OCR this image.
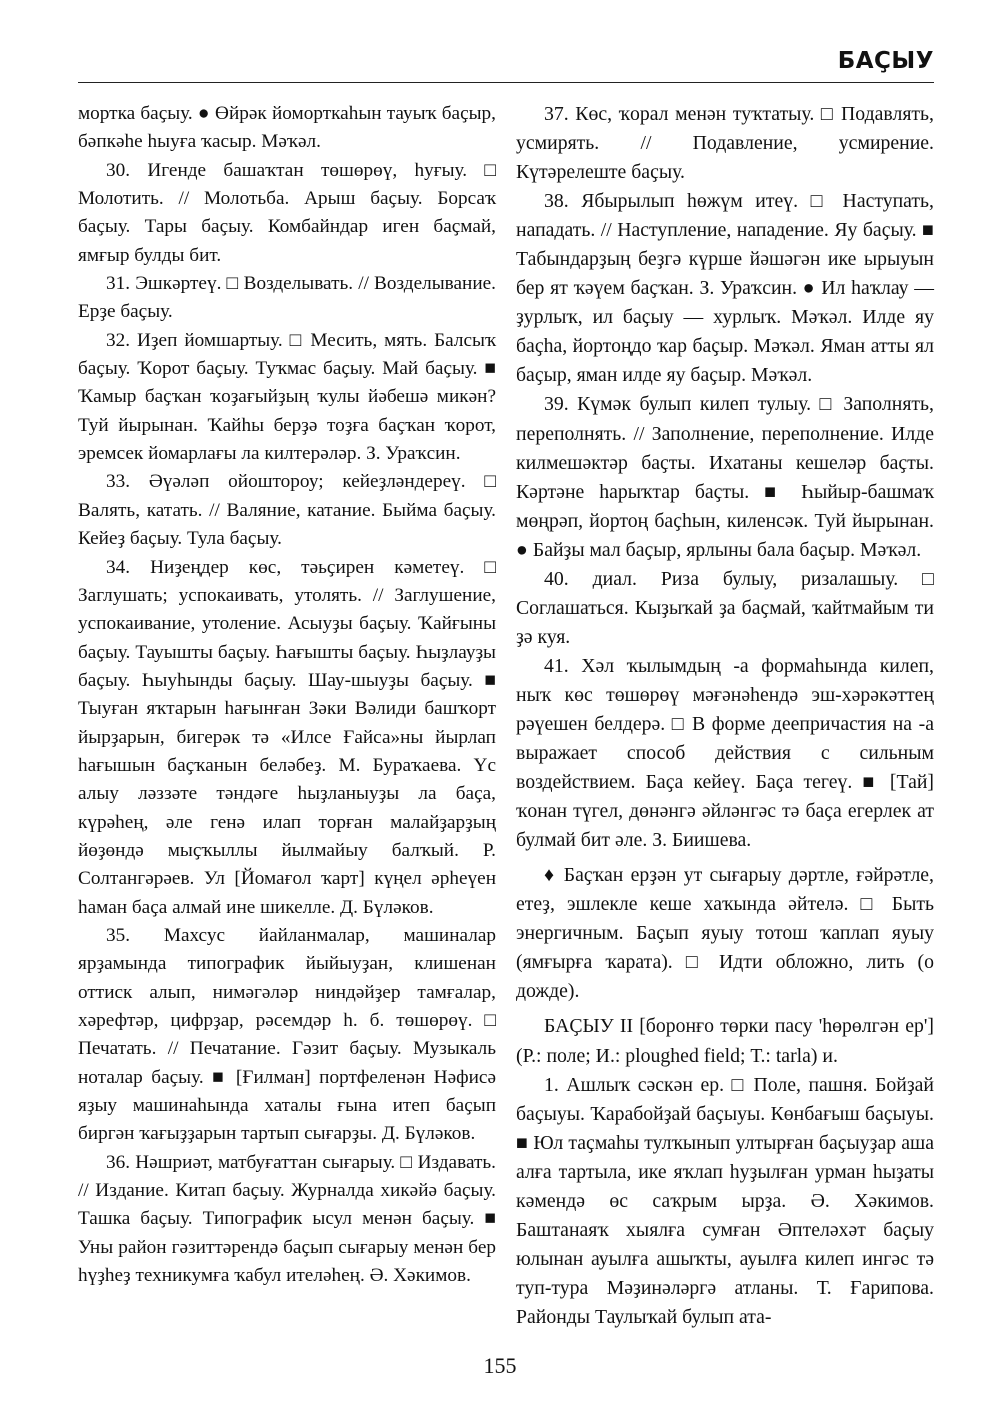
БАҪЫУ

мортка баҫыу. ● Өйрәк йоморткаһын тауыҡ баҫыр, бәпкәһе һыуға ҡасыр. Мәҡәл.

30. Игенде башаҡтан төшөрөү, һуғыу. □ Молотить. // Молотьба. Арыш баҫыу. Борсаҡ баҫыу. Тары баҫыу. Комбайндар иген баҫмай, ямғыр булды бит.

31. Эшкәртеү. □ Возделывать. // Возделывание. Ерҙе баҫыу.

32. Иҙеп йомшартыу. □ Месить, мять. Балсыҡ баҫыу. Ҡорот баҫыу. Туҡмас баҫыу. Май баҫыу. ■ Ҡамыр баҫҡан ҡоҙағыйҙың ҡулы йәбешә микән? Туй йырынан. Ҡайһы берҙә тоҙға баҫҡан ҡорот, эремсек йомарлағы ла килтерәләр. З. Ураҡсин.

33. Әүәләп ойоштороу; кейеҙләндереү. □ Валять, катать. // Валяние, катание. Быйма баҫыу. Кейеҙ баҫыу. Тула баҫыу.

34. Ниҙеңдер көс, тәьҫирен кәметеү. □ Заглушать; успокаивать, утолять. // Заглушение, успокаивание, утоление. Асыуҙы баҫыу. Ҡайғыны баҫыу. Тауышты баҫыу. Һағышты баҫыу. Һыҙлауҙы баҫыу. Һыуһынды баҫыу. Шау-шыуҙы баҫыу. ■ Тыуған яҡтарын һағынған Зәки Вәлиди башҡорт йырҙарын, бигерәк тә «Илсе Ғайса»ны йырлап һағышын баҫҡанын беләбеҙ. М. Бураҡаева. Үс алыу ләззәте тәндәге һыҙланыуҙы ла баҫа, күрәһең, әле генә илап торған малайҙарҙың йөҙөндә мыҫҡыллы йылмайыу балҡый. Р. Солтангәрәев. Ул [Йомағол ҡарт] күңел әрһеүен һаман баҫа алмай ине шикелле. Д. Бүләков.

35. Махсус йайланмалар, машиналар ярҙамында типографик йыйыуҙан, клишенан оттиск алып, нимәгәләр ниндәйҙер тамғалар, хәрефтәр, цифрҙар, рәсемдәр һ. б. төшөрөү. □ Печатать. // Печатание. Гәзит баҫыу. Музыкаль ноталар баҫыу. ■ [Ғилман] портфеленән Нәфисә яҙыу машинаһында хаталы ғына итеп баҫып биргән ҡағыҙҙарын тартып сығарҙы. Д. Бүләков.

36. Нәшриәт, матбуғаттан сығарыу. □ Издавать. // Издание. Китап баҫыу. Журналда хикәйә баҫыу. Ташка баҫыу. Типографик ысул менән баҫыу. ■ Уны район гәзиттәрендә баҫып сығарыу менән бер һүҙһеҙ техникумға ҡабул ителәһең. Ә. Хәкимов.

37. Көс, ҡорал менән туҡтатыу. □ Подавлять, усмирять. // Подавление, усмирение. Күтәрелеште баҫыу.

38. Ябырылып һөжүм итеү. □ Наступать, нападать. // Наступление, нападение. Яу баҫыу. ■ Табындарҙың беҙгә күрше йәшәгән ике ырыуын бер ят ҡәүем баҫҡан. З. Ураҡсин. ● Ил һаҡлау — ҙурлыҡ, ил баҫыу — хурлыҡ. Мәҡәл. Илде яу баҫһа, йортоңдо ҡар баҫыр. Мәҡәл. Яман атты ял баҫыр, яман илде яу баҫыр. Мәҡәл.

39. Күмәк булып килеп тулыу. □ Заполнять, переполнять. // Заполнение, переполнение. Илде килмешәктәр баҫты. Ихатаны кешеләр баҫты. Кәртәне һарыҡтар баҫты. ■ Һыйыр-башмаҡ мөңрәп, йортоң баҫһын, киленсәк. Туй йырынан. ● Байҙы мал баҫыр, ярлыны бала баҫыр. Мәҡәл.

40. диал. Риза булыу, ризалашыу. □ Соглашаться. Кыҙыҡай ҙа баҫмай, ҡайтмайым ти ҙә куя.

41. Хәл ҡылымдың -а формаһында килеп, ныҡ көс төшөрөү мәғәнәһендә эш-хәрәкәттең рәүешен белдерә. □ В форме деепричастия на -а выражает способ действия с сильным воздействием. Баҫа кейеү. Баҫа тегеү. ■ [Тай] ҡонан түгел, дөнәнгә әйләнгәс тә баҫа егерлек ат булмай бит әле. З. Биишева.

♦ Баҫҡан ерҙән ут сығарыу дәртле, ғәйрәтле, етеҙ, эшлекле кеше хаҡында әйтелә. □ Быть энергичным. Баҫып яуыу тотош ҡаплап яуыу (ямғырға ҡарата). □ Идти обложно, лить (о дожде).

БАҪЫУ II [боронғо төрки пасу 'һөрөлгән ер'] (Р.: поле; И.: ploughed field; Т.: tarla) и.

1. Ашлыҡ сәскән ер. □ Поле, пашня. Бойҙай баҫыуы. Ҡарабойҙай баҫыуы. Көнбағыш баҫыуы. ■ Юл таҫмаһы тулҡынып ултырған баҫыуҙар аша алға тартыла, ике яҡлап һуҙылған урман һыҙаты кәмендә өс саҡрым ырҙа. Ә. Хәкимов. Баштанаяҡ хыялға сумған Әптеләхәт баҫыу юлынан ауылға ашыҡты, ауылға килеп ингәс тә туп-тура Мәҙинәләргә атланы. Т. Ғарипова. Районды Таулыҡай булып ата-

155
